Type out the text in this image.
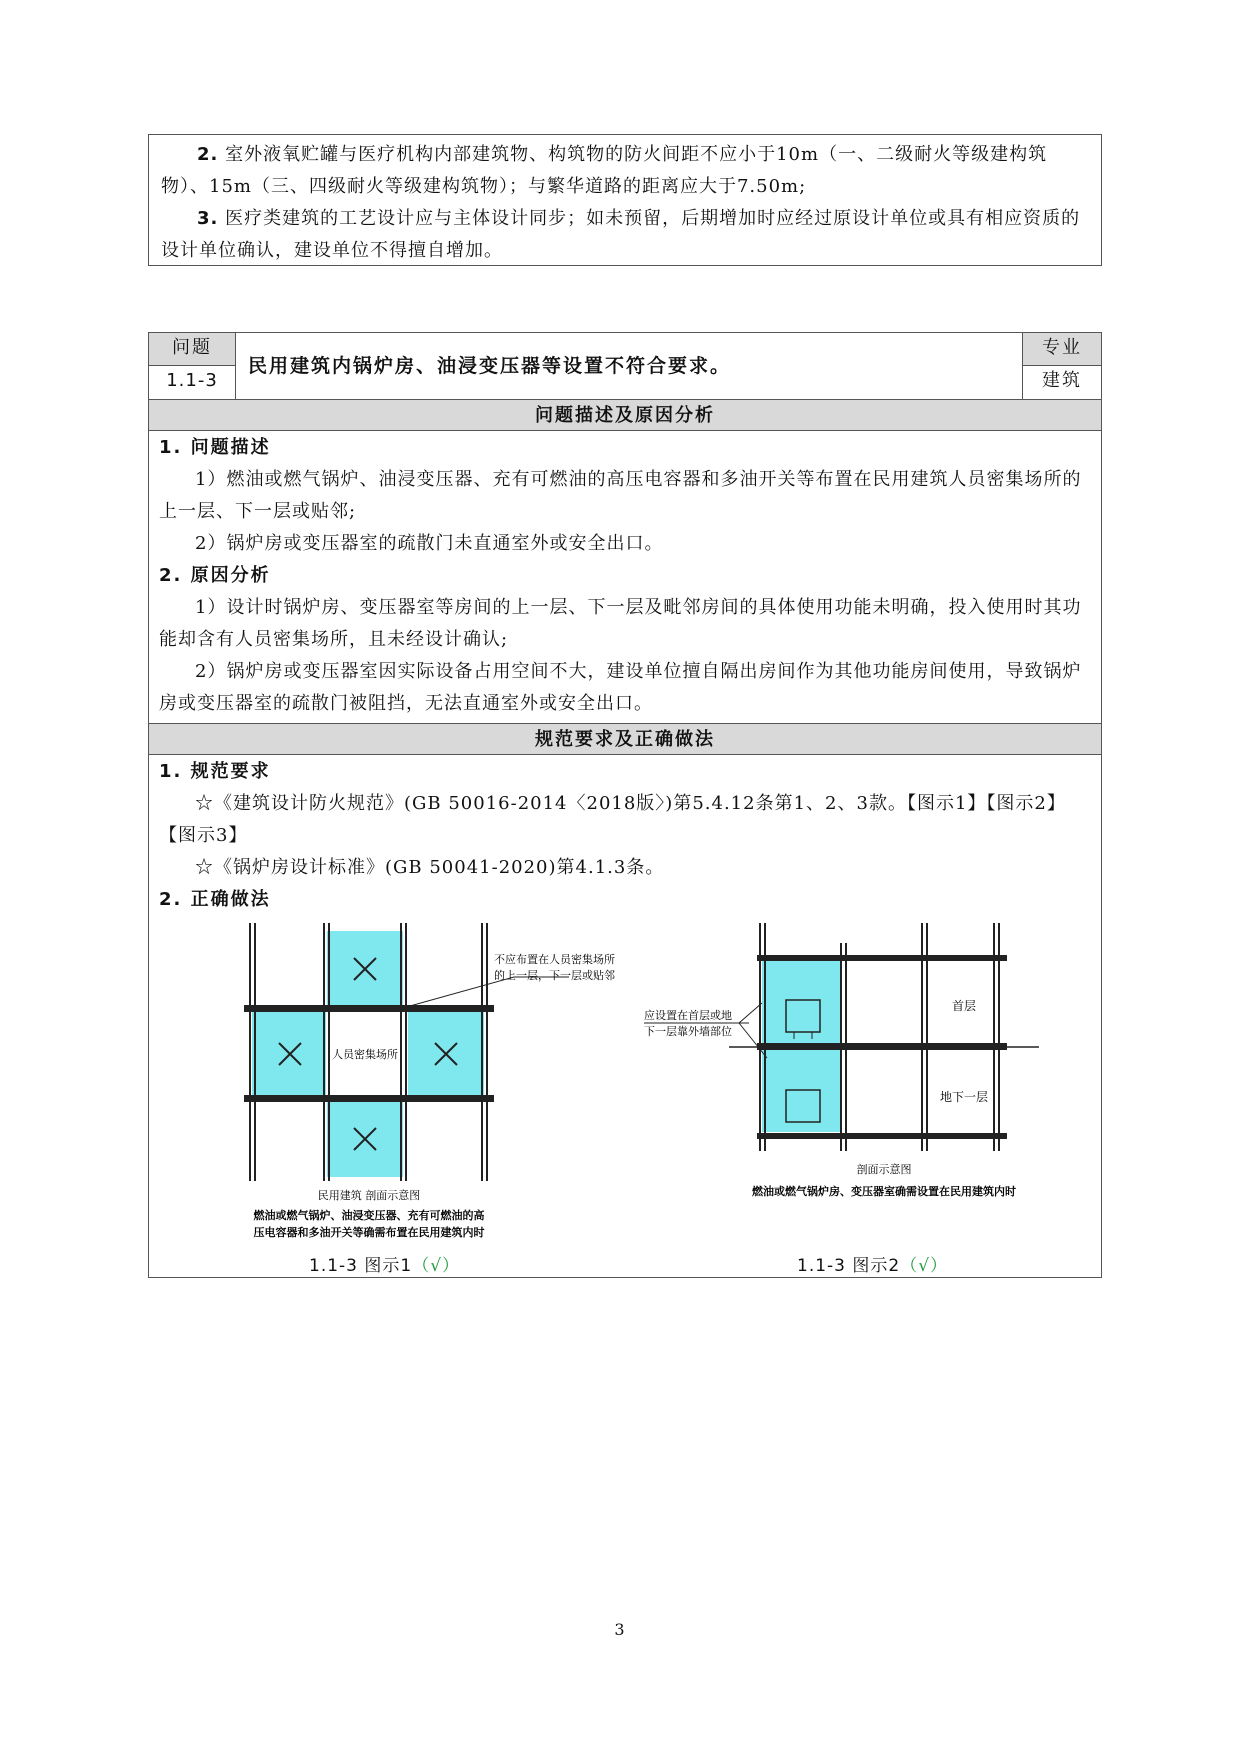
2. 室外液氧贮罐与医疗机构内部建筑物、构筑物的防火间距不应小于10m（一、二级耐火等级建构筑物）、15m（三、四级耐火等级建构筑物）；与繁华道路的距离应大于7.50m;

3. 医疗类建筑的工艺设计应与主体设计同步；如未预留，后期增加时应经过原设计单位或具有相应资质的设计单位确认，建设单位不得擅自增加。

问题
1.1-3
民用建筑内锅炉房、油浸变压器等设置不符合要求。
专业
建筑
问题描述及原因分析

1. 问题描述

1）燃油或燃气锅炉、油浸变压器、充有可燃油的高压电容器和多油开关等布置在民用建筑人员密集场所的上一层、下一层或贴邻;

2）锅炉房或变压器室的疏散门未直通室外或安全出口。

2. 原因分析

1）设计时锅炉房、变压器室等房间的上一层、下一层及毗邻房间的具体使用功能未明确，投入使用时其功能却含有人员密集场所，且未经设计确认;

2）锅炉房或变压器室因实际设备占用空间不大，建设单位擅自隔出房间作为其他功能房间使用，导致锅炉房或变压器室的疏散门被阻挡，无法直通室外或安全出口。

规范要求及正确做法

1. 规范要求

☆《建筑设计防火规范》(GB 50016-2014〈2018版〉)第5.4.12条第1、2、3款。【图示1】【图示2】【图示3】

☆《锅炉房设计标准》(GB 50041-2020)第4.1.3条。

2. 正确做法

人员密集场所
不应布置在人员密集场所
的上一层，下一层或贴邻
民用建筑 剖面示意图
燃油或燃气锅炉、油浸变压器、充有可燃油的高
压电容器和多油开关等确需布置在民用建筑内时
1.1-3 图示1（√）
首层
地下一层
应设置在首层或地
下一层靠外墙部位
剖面示意图
燃油或燃气锅炉房、变压器室确需设置在民用建筑内时
1.1-3 图示2（√）
3
